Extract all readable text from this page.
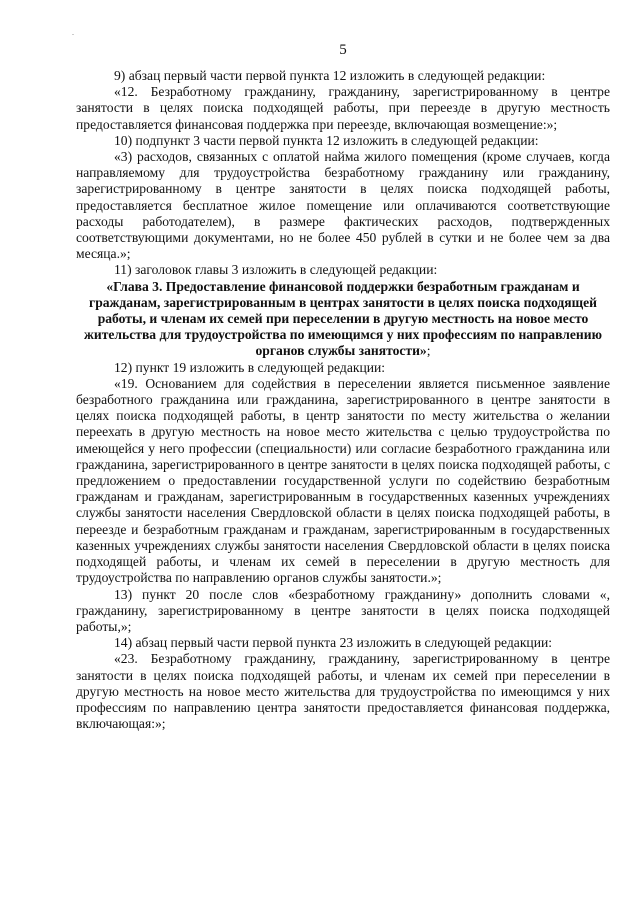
5

9) абзац первый части первой пункта 12 изложить в следующей редакции:

«12. Безработному гражданину, гражданину, зарегистрированному в центре занятости в целях поиска подходящей работы, при переезде в другую местность предоставляется финансовая поддержка при переезде, включающая возмещение:»;

10) подпункт 3 части первой пункта 12 изложить в следующей редакции:

«3) расходов, связанных с оплатой найма жилого помещения (кроме случаев, когда направляемому для трудоустройства безработному гражданину или гражданину, зарегистрированному в центре занятости в целях поиска подходящей работы, предоставляется бесплатное жилое помещение или оплачиваются соответствующие расходы работодателем), в размере фактических расходов, подтвержденных соответствующими документами, но не более 450 рублей в сутки и не более чем за два месяца.»;

11) заголовок главы 3 изложить в следующей редакции:

«Глава 3. Предоставление финансовой поддержки безработным гражданам и гражданам, зарегистрированным в центрах занятости в целях поиска подходящей работы, и членам их семей при переселении в другую местность на новое место жительства для трудоустройства по имеющимся у них профессиям по направлению органов службы занятости»;

12) пункт 19 изложить в следующей редакции:

«19. Основанием для содействия в переселении является письменное заявление безработного гражданина или гражданина, зарегистрированного в центре занятости в целях поиска подходящей работы, в центр занятости по месту жительства о желании переехать в другую местность на новое место жительства с целью трудоустройства по имеющейся у него профессии (специальности) или согласие безработного гражданина или гражданина, зарегистрированного в центре занятости в целях поиска подходящей работы, с предложением о предоставлении государственной услуги по содействию безработным гражданам и гражданам, зарегистрированным в государственных казенных учреждениях службы занятости населения Свердловской области в целях поиска подходящей работы, в переезде и безработным гражданам и гражданам, зарегистрированным в государственных казенных учреждениях службы занятости населения Свердловской области в целях поиска подходящей работы, и членам их семей в переселении в другую местность для трудоустройства по направлению органов службы занятости.»;

13) пункт 20 после слов «безработному гражданину» дополнить словами «, гражданину, зарегистрированному в центре занятости в целях поиска подходящей работы,»;

14) абзац первый части первой пункта 23 изложить в следующей редакции:

«23. Безработному гражданину, гражданину, зарегистрированному в центре занятости в целях поиска подходящей работы, и членам их семей при переселении в другую местность на новое место жительства для трудоустройства по имеющимся у них профессиям по направлению центра занятости предоставляется финансовая поддержка, включающая:»;
